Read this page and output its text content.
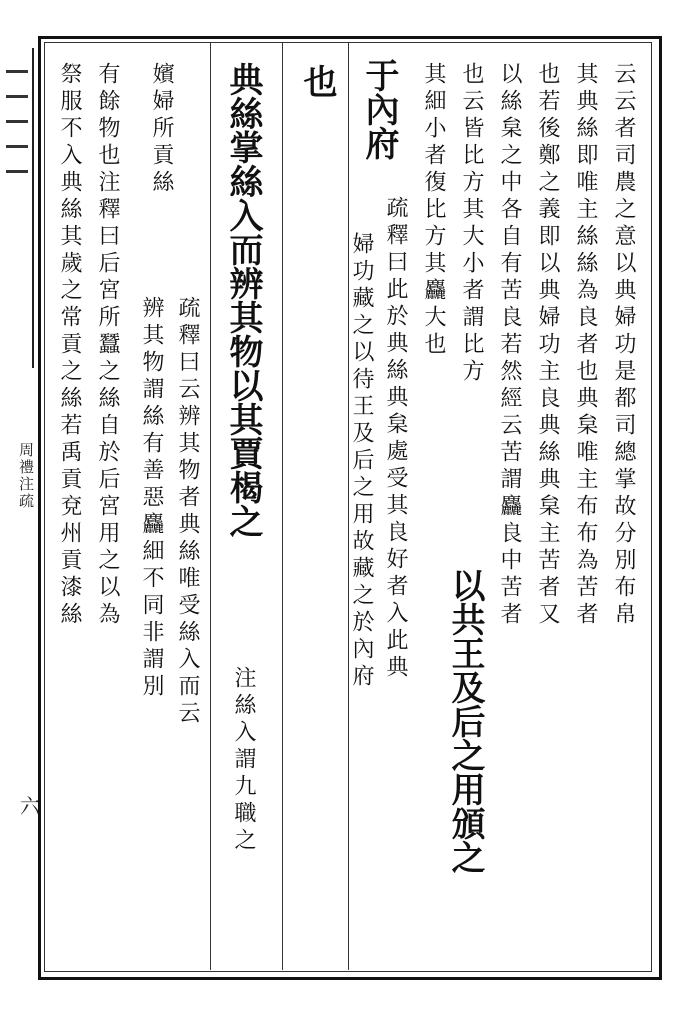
周禮注疏
六
云云者司農之意以典婦功是都司總掌故分別布帛
其典絲即唯主絲絲為良者也典枲唯主布布為苦者
也若後鄭之義即以典婦功主良典絲典枲主苦者又
以絲枲之中各自有苦良若然經云苦謂麤良中苦者
也云皆比方其大小者謂比方
以共王及后之用頒之
其細小者復比方其麤大也
于內府
疏釋曰此於典絲典枲處受其良好者入此典
婦功藏之以待王及后之用故藏之於內府
也
典絲掌絲入而辨其物以其賈楬之
注絲入謂九職之
嬪婦所貢絲
疏釋曰云辨其物者典絲唯受絲入而云
辨其物謂絲有善惡麤細不同非謂別
有餘物也注釋曰后宮所蠶之絲自於后宮用之以為
祭服不入典絲其歲之常貢之絲若禹貢兗州貢漆絲
